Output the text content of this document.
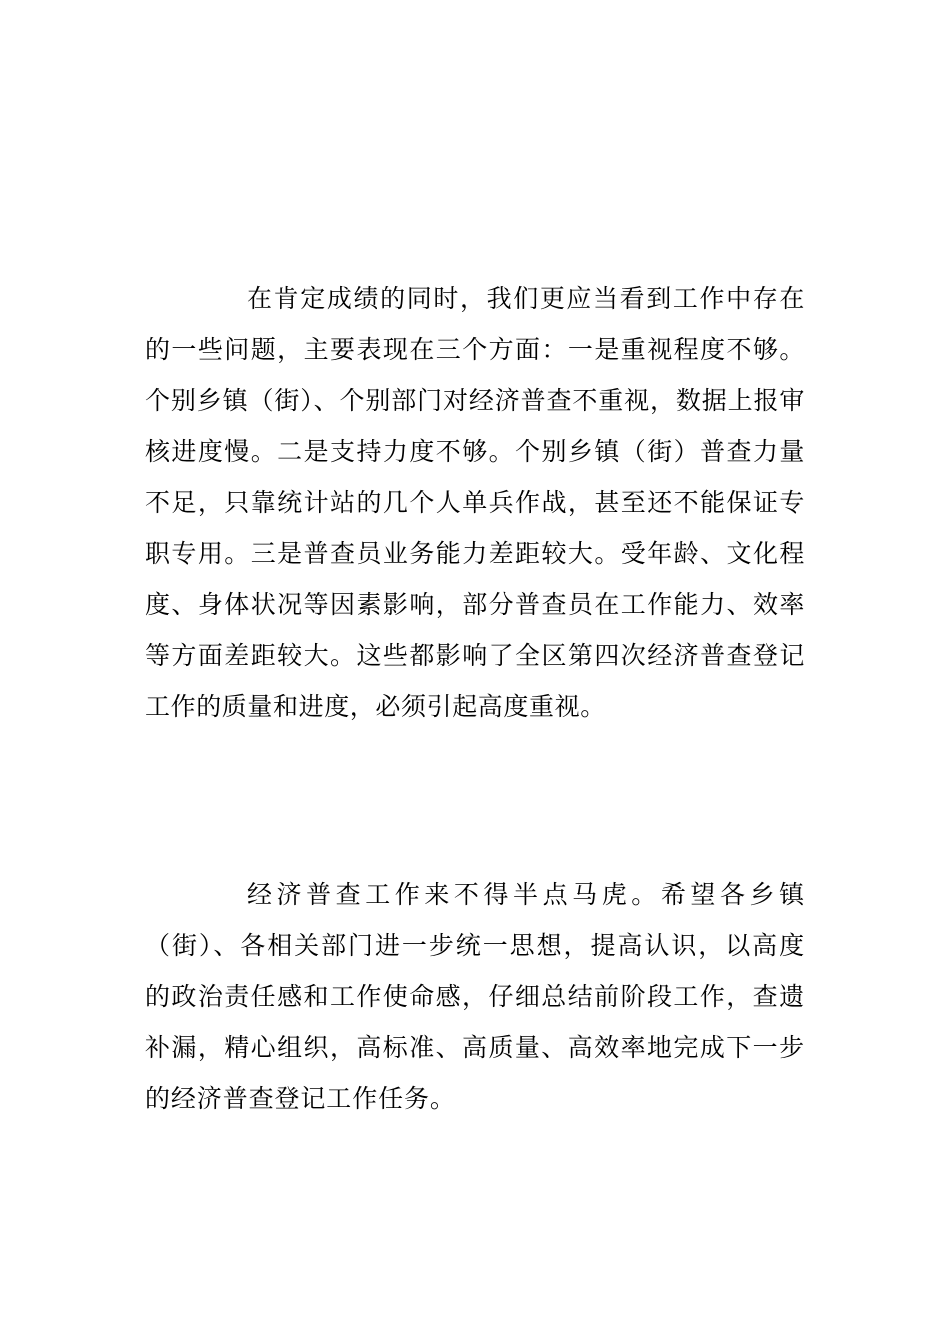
在肯定成绩的同时，我们更应当看到工作中存在的一些问题，主要表现在三个方面：一是重视程度不够。个别乡镇（街）、个别部门对经济普查不重视，数据上报审核进度慢。二是支持力度不够。个别乡镇（街）普查力量不足，只靠统计站的几个人单兵作战，甚至还不能保证专职专用。三是普查员业务能力差距较大。受年龄、文化程度、身体状况等因素影响，部分普查员在工作能力、效率等方面差距较大。这些都影响了全区第四次经济普查登记工作的质量和进度，必须引起高度重视。

经济普查工作来不得半点马虎。希望各乡镇（街）、各相关部门进一步统一思想，提高认识，以高度的政治责任感和工作使命感，仔细总结前阶段工作，查遗补漏，精心组织，高标准、高质量、高效率地完成下一步的经济普查登记工作任务。
